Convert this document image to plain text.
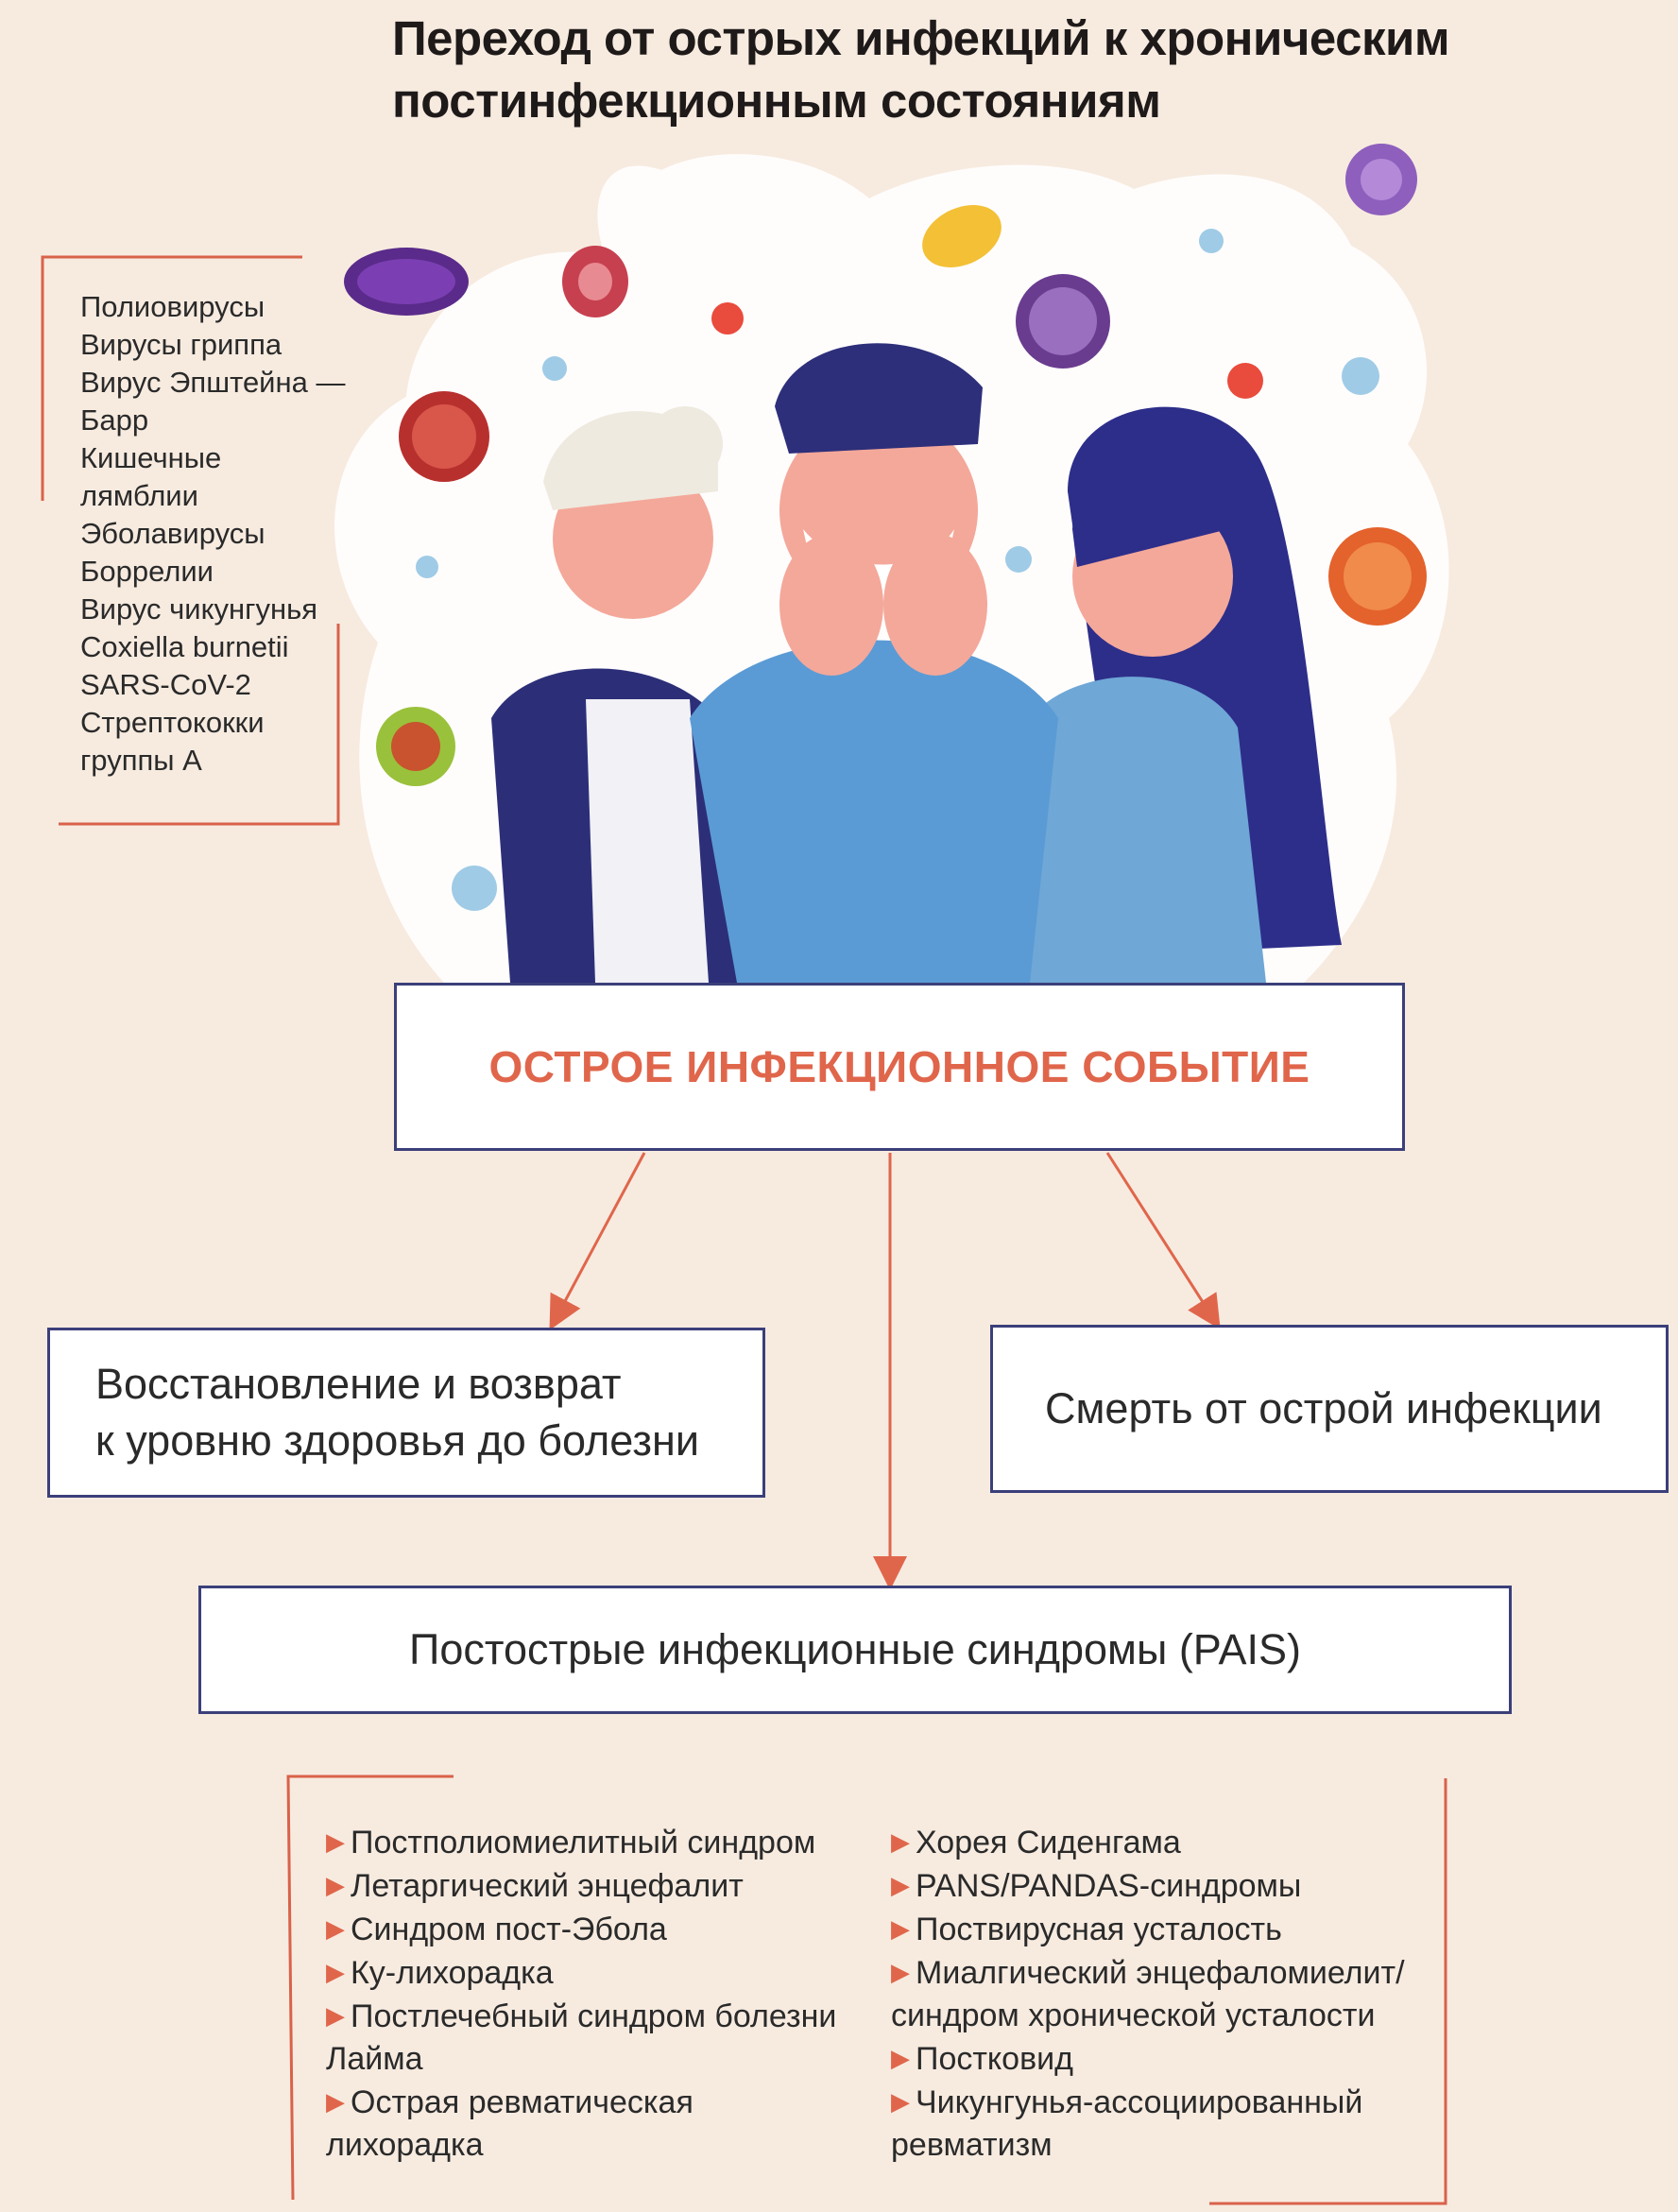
Переход от острых инфекций к хроническим
постинфекционным состояниям
Полиовирусы
Вирусы гриппа
Вирус Эпштейна —
Барр
Кишечные
лямблии
Эболавирусы
Боррелии
Вирус чикунгунья
Coxiella burnetii
SARS-CoV-2
Стрептококки
группы А
ОСТРОЕ ИНФЕКЦИОННОЕ СОБЫТИЕ
Восстановление и возврат
к уровню здоровья до болезни
Смерть от острой инфекции
Постострые инфекционные синдромы (PAIS)
▶ Постполиомиелитный синдром
▶ Летаргический энцефалит
▶ Синдром пост-Эбола
▶ Ку-лихорадка
▶ Постлечебный синдром болезни
Лайма
▶ Острая ревматическая
лихорадка
▶ Хорея Сиденгама
▶ PANS/PANDAS-синдромы
▶ Поствирусная усталость
▶ Миалгический энцефаломиелит/
синдром хронической усталости
▶ Постковид
▶ Чикунгунья-ассоциированный
ревматизм
